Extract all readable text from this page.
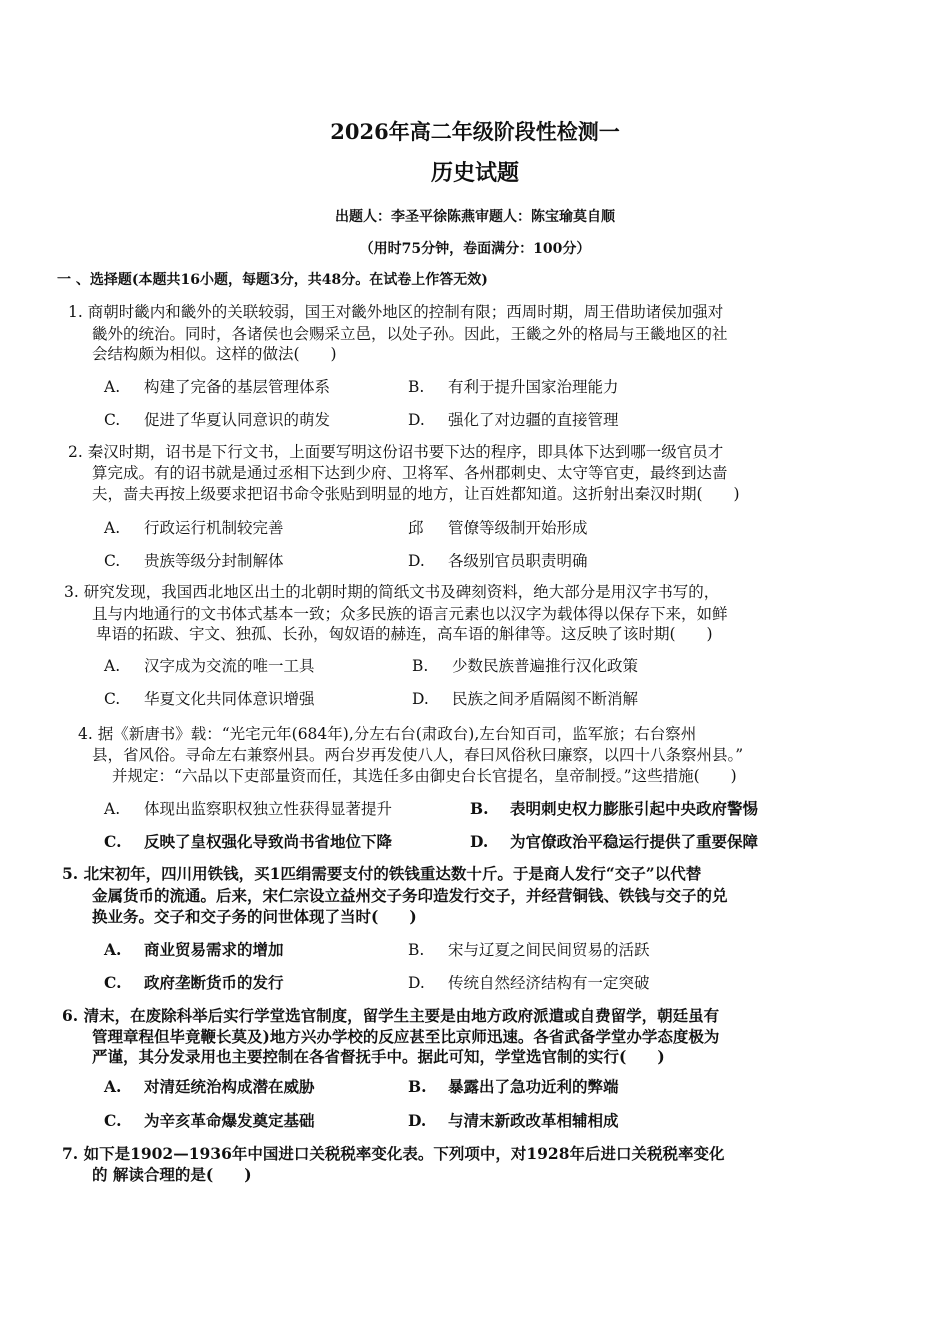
2026年高二年级阶段性检测一
历史试题
出题人：李圣平徐陈燕审题人：陈宝瑜莫自顺
（用时75分钟，卷面满分：100分）
一 、选择题(本题共16小题，每题3分，共48分。在试卷上作答无效)
1. 商朝时畿内和畿外的关联较弱，国王对畿外地区的控制有限；西周时期，周王借助诸侯加强对
畿外的统治。同时，各诸侯也会赐采立邑，以处子孙。因此，王畿之外的格局与王畿地区的社
会结构颇为相似。这样的做法(　　)
A. 构建了完备的基层管理体系	B. 有利于提升国家治理能力
C. 促进了华夏认同意识的萌发	D. 强化了对边疆的直接管理
2. 秦汉时期，诏书是下行文书，上面要写明这份诏书要下达的程序，即具体下达到哪一级官员才
算完成。有的诏书就是通过丞相下达到少府、卫将军、各州郡刺史、太守等官吏，最终到达啬
夫，啬夫再按上级要求把诏书命令张贴到明显的地方，让百姓都知道。这折射出秦汉时期(　　)
A. 行政运行机制较完善	邱 管僚等级制开始形成
C. 贵族等级分封制解体	D. 各级别官员职责明确
3. 研究发现，我国西北地区出土的北朝时期的简纸文书及碑刻资料，绝大部分是用汉字书写的，
且与内地通行的文书体式基本一致；众多民族的语言元素也以汉字为载体得以保存下来，如鲜
卑语的拓跋、宇文、独孤、长孙，匈奴语的赫连，高车语的斛律等。这反映了该时期(　　)
A. 汉字成为交流的唯一工具	B. 少数民族普遍推行汉化政策
C. 华夏文化共同体意识增强	D. 民族之间矛盾隔阂不断消解
4. 据《新唐书》载：“光宅元年(684年),分左右台(肃政台),左台知百司，监军旅；右台察州
县，省风俗。寻命左右兼察州县。两台岁再发使八人，春曰风俗秋曰廉察，以四十八条察州县。”
并规定：“六品以下吏部量资而任，其选任多由御史台长官提名，皇帝制授。”这些措施(　　)
A. 体现出监察职权独立性获得显著提升	B. 表明刺史权力膨胀引起中央政府警惕
C. 反映了皇权强化导致尚书省地位下降	D. 为官僚政治平稳运行提供了重要保障
5. 北宋初年，四川用铁钱，买1匹绢需要支付的铁钱重达数十斤。于是商人发行“交子”以代替
金属货币的流通。后来，宋仁宗设立益州交子务印造发行交子，并经营铜钱、铁钱与交子的兑
换业务。交子和交子务的问世体现了当时(　　)
A. 商业贸易需求的增加	B. 宋与辽夏之间民间贸易的活跃
C. 政府垄断货币的发行	D. 传统自然经济结构有一定突破
6. 清末，在废除科举后实行学堂选官制度，留学生主要是由地方政府派遣或自费留学，朝廷虽有
管理章程但毕竟鞭长莫及)地方兴办学校的反应甚至比京师迅速。各省武备学堂办学态度极为
严谨，其分发录用也主要控制在各省督抚手中。据此可知，学堂选官制的实行(　　)
A. 对清廷统治构成潜在威胁	B. 暴露出了急功近利的弊端
C. 为辛亥革命爆发奠定基础	D. 与清末新政改革相辅相成
7. 如下是1902—1936年中国进口关税税率变化表。下列项中，对1928年后进口关税税率变化
的 解读合理的是(　　)
